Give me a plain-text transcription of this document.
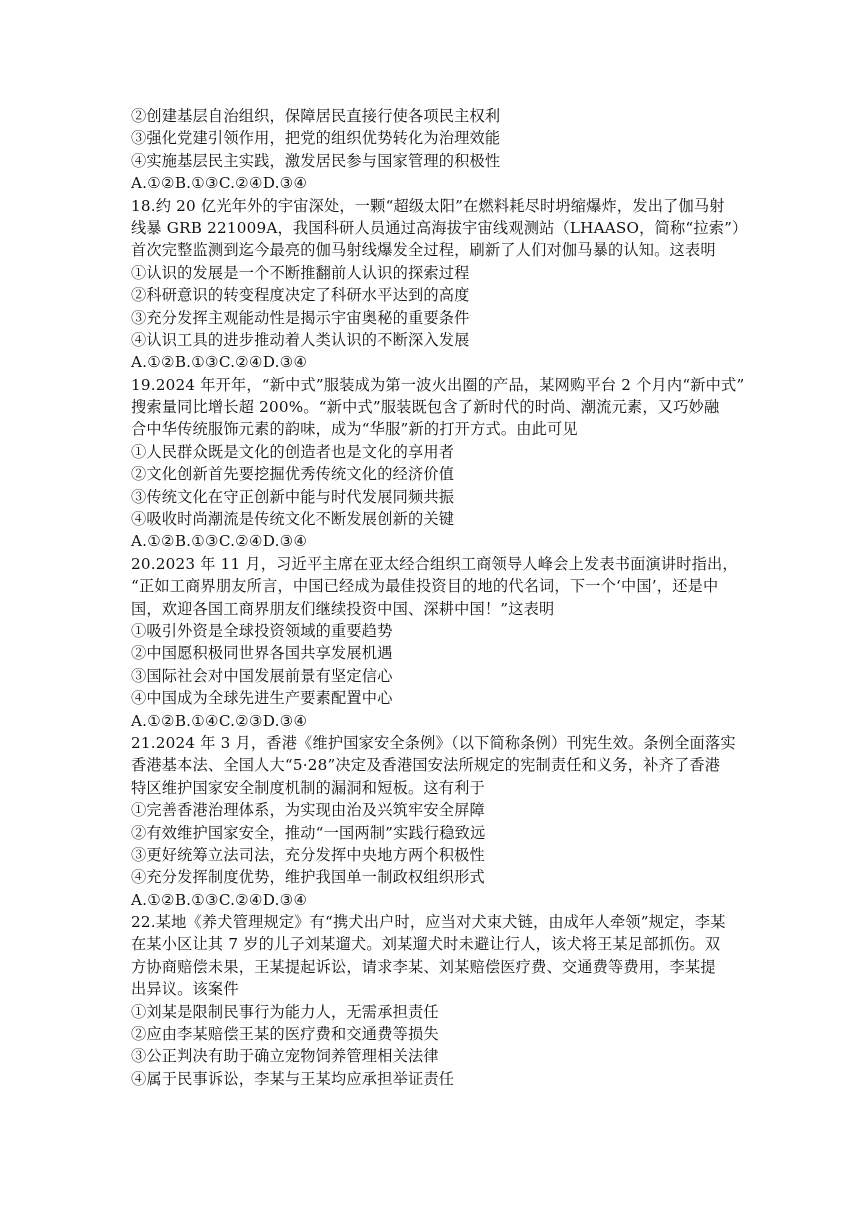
②创建基层自治组织，保障居民直接行使各项民主权利
③强化党建引领作用，把党的组织优势转化为治理效能
④实施基层民主实践，激发居民参与国家管理的积极性
A.①②B.①③C.②④D.③④
18.约 20 亿光年外的宇宙深处，一颗“超级太阳”在燃料耗尽时坍缩爆炸，发出了伽马射
线暴 GRB 221009A，我国科研人员通过高海拔宇宙线观测站（LHAASO，简称“拉索”）
首次完整监测到迄今最亮的伽马射线爆发全过程，刷新了人们对伽马暴的认知。这表明
①认识的发展是一个不断推翻前人认识的探索过程
②科研意识的转变程度决定了科研水平达到的高度
③充分发挥主观能动性是揭示宇宙奥秘的重要条件
④认识工具的进步推动着人类认识的不断深入发展
A.①②B.①③C.②④D.③④
19.2024 年开年，“新中式”服装成为第一波火出圈的产品，某网购平台 2 个月内“新中式”
搜索量同比增长超 200%。“新中式”服装既包含了新时代的时尚、潮流元素，又巧妙融
合中华传统服饰元素的韵味，成为“华服”新的打开方式。由此可见
①人民群众既是文化的创造者也是文化的享用者
②文化创新首先要挖掘优秀传统文化的经济价值
③传统文化在守正创新中能与时代发展同频共振
④吸收时尚潮流是传统文化不断发展创新的关键
A.①②B.①③C.②④D.③④
20.2023 年 11 月，习近平主席在亚太经合组织工商领导人峰会上发表书面演讲时指出，
“正如工商界朋友所言，中国已经成为最佳投资目的地的代名词，下一个‘中国’，还是中
国，欢迎各国工商界朋友们继续投资中国、深耕中国！”这表明
①吸引外资是全球投资领域的重要趋势
②中国愿积极同世界各国共享发展机遇
③国际社会对中国发展前景有坚定信心
④中国成为全球先进生产要素配置中心
A.①②B.①④C.②③D.③④
21.2024 年 3 月，香港《维护国家安全条例》（以下简称条例）刊宪生效。条例全面落实
香港基本法、全国人大“5·28”决定及香港国安法所规定的宪制责任和义务，补齐了香港
特区维护国家安全制度机制的漏洞和短板。这有利于
①完善香港治理体系，为实现由治及兴筑牢安全屏障
②有效维护国家安全，推动“一国两制”实践行稳致远
③更好统筹立法司法，充分发挥中央地方两个积极性
④充分发挥制度优势，维护我国单一制政权组织形式
A.①②B.①③C.②④D.③④
22.某地《养犬管理规定》有“携犬出户时，应当对犬束犬链，由成年人牵领”规定，李某
在某小区让其 7 岁的儿子刘某遛犬。刘某遛犬时未避让行人，该犬将王某足部抓伤。双
方协商赔偿未果，王某提起诉讼，请求李某、刘某赔偿医疗费、交通费等费用，李某提
出异议。该案件
①刘某是限制民事行为能力人，无需承担责任
②应由李某赔偿王某的医疗费和交通费等损失
③公正判决有助于确立宠物饲养管理相关法律
④属于民事诉讼，李某与王某均应承担举证责任
